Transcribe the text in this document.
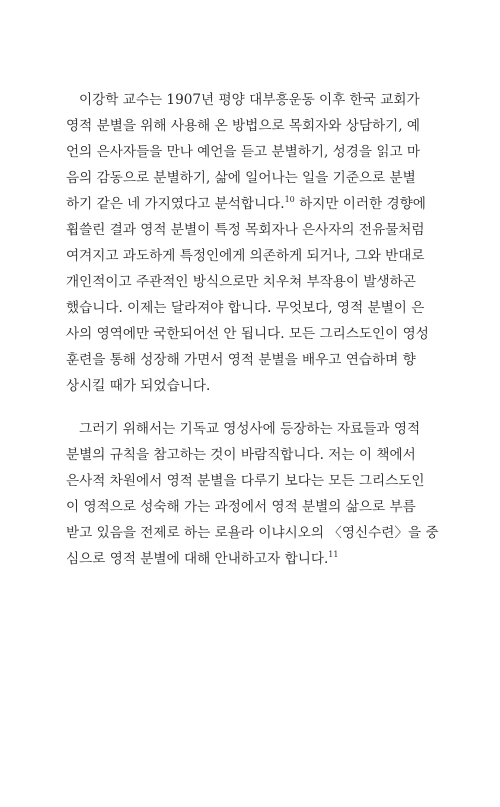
이강학 교수는 1907년 평양 대부흥운동 이후 한국 교회가
영적 분별을 위해 사용해 온 방법으로 목회자와 상담하기, 예
언의 은사자들을 만나 예언을 듣고 분별하기, 성경을 읽고 마
음의 감동으로 분별하기, 삶에 일어나는 일을 기준으로 분별
하기 같은 네 가지였다고 분석합니다.$^{10}$ 하지만 이러한 경향에
휩쓸린 결과 영적 분별이 특정 목회자나 은사자의 전유물처럼
여겨지고 과도하게 특정인에게 의존하게 되거나, 그와 반대로
개인적이고 주관적인 방식으로만 치우쳐 부작용이 발생하곤
했습니다. 이제는 달라져야 합니다. 무엇보다, 영적 분별이 은
사의 영역에만 국한되어선 안 됩니다. 모든 그리스도인이 영성
훈련을 통해 성장해 가면서 영적 분별을 배우고 연습하며 향
상시킬 때가 되었습니다.
그러기 위해서는 기독교 영성사에 등장하는 자료들과 영적
분별의 규칙을 참고하는 것이 바람직합니다. 저는 이 책에서
은사적 차원에서 영적 분별을 다루기 보다는 모든 그리스도인
이 영적으로 성숙해 가는 과정에서 영적 분별의 삶으로 부름
받고 있음을 전제로 하는 로욜라 이냐시오의 〈영신수련〉을 중
심으로 영적 분별에 대해 안내하고자 합니다.$^{11}$
